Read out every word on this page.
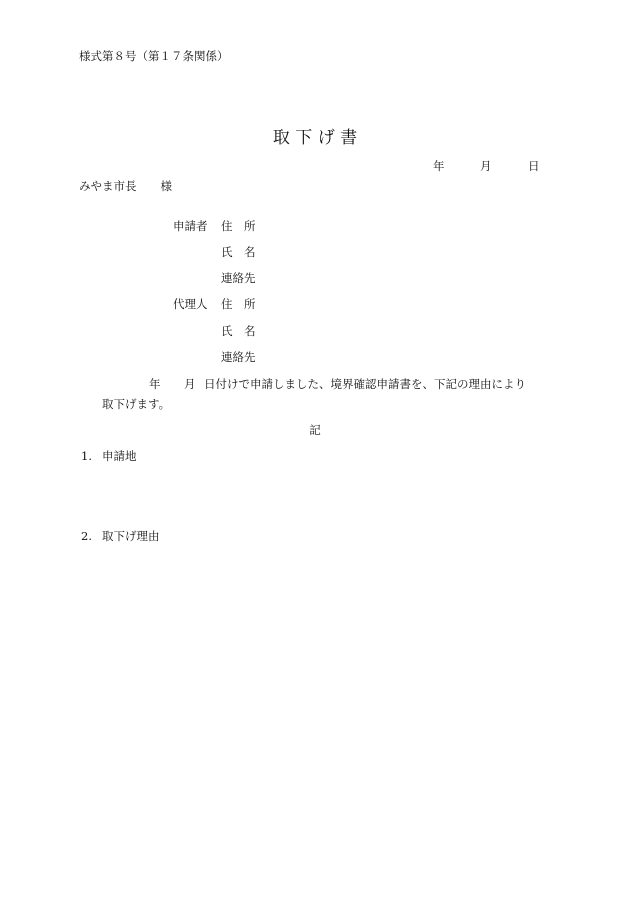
様式第８号（第１７条関係）
取 下 げ 書
年	月	日
みやま市長 様
申請者 住　所
氏　名
連絡先
代理人 住　所
氏　名
連絡先
年 月 日付けで申請しました、境界確認申請書を、下記の理由により
取下げます。
記
1. 申請地
2. 取下げ理由
